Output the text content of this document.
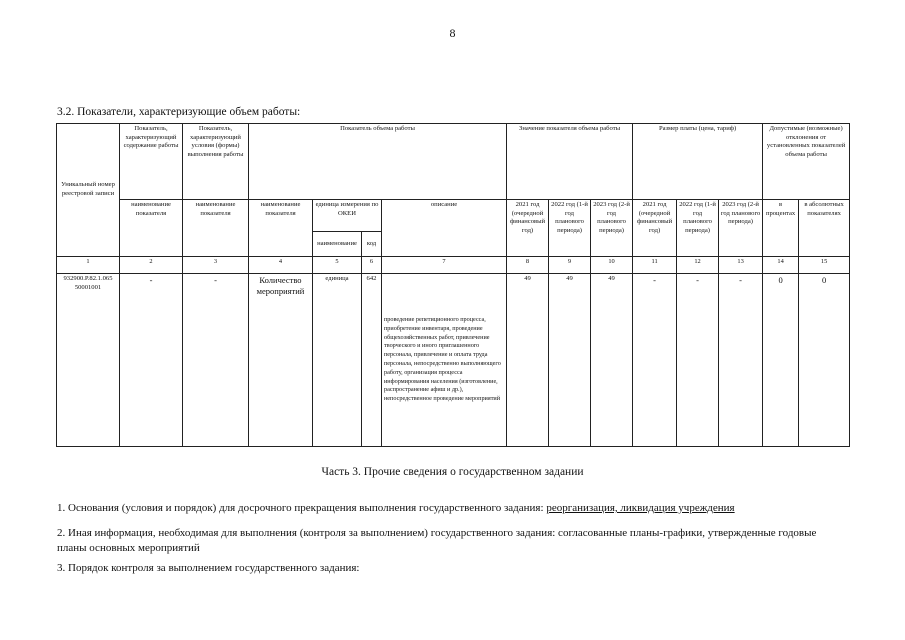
8
3.2. Показатели, характеризующие объем работы:
Уникальный номер реестровой записи	Показатель, характеризующий содержание работы	Показатель, характеризующий условия (формы) выполнения работы	Показатель объема работы				Значение показателя объема работы			Размер платы (цена, тариф)			Допустимые (возможные) отклонения от установленных показателей объема работы	
	наименование показателя	наименование показателя	наименование показателя	единица измерения по ОКЕИ		описание	2021 год (очередной финансовый год)	2022 год (1-й год планового периода)	2023 год (2-й год планового периода)	2021 год (очередной финансовый год)	2022 год (1-й год планового периода)	2023 год (2-й год планового периода)	в процентах	в абсолютных показателях
				наименование	код									
1	2	3	4	5	6	7	8	9	10	11	12	13	14	15
932900.Р.82.1.065 50001001	-	-	Количество мероприятий	единица	642	проведение репетиционного процесса, приобретение инвентаря, проведение общехозяйственных работ, привлечение творческого и иного приглашенного персонала, привлечение и оплата труда персонала, непосредственно выполняющего работу, организация процесса информирования населения (изготовление, распространение афиш и др.), непосредственное проведение мероприятий	49	49	49	-	-	-	0	0
Часть 3. Прочие сведения о государственном задании
1. Основания (условия и порядок) для досрочного прекращения выполнения государственного задания: реорганизация, ликвидация учреждения
2. Иная информация, необходимая для выполнения (контроля за выполнением) государственного задания: согласованные планы-графики, утвержденные годовые планы основных мероприятий
3. Порядок контроля за выполнением государственного задания:
